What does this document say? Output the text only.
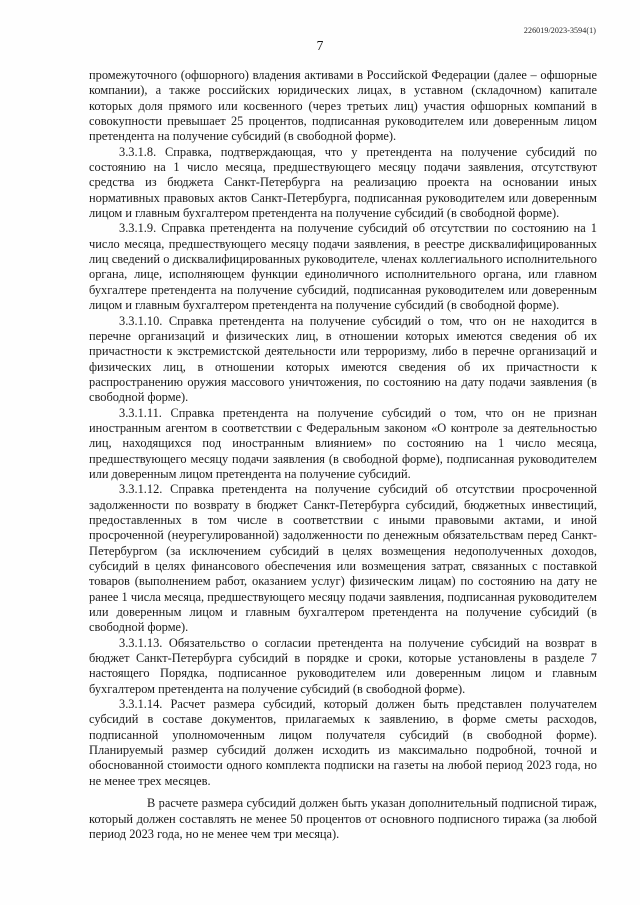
226019/2023-3594(1)
7

промежуточного (офшорного) владения активами в Российской Федерации (далее – офшорные компании), а также российских юридических лицах, в уставном (складочном) капитале которых доля прямого или косвенного (через третьих лиц) участия офшорных компаний в совокупности превышает 25 процентов, подписанная руководителем или доверенным лицом претендента на получение субсидий (в свободной форме).

3.3.1.8. Справка, подтверждающая, что у претендента на получение субсидий по состоянию на 1 число месяца, предшествующего месяцу подачи заявления, отсутствуют средства из бюджета Санкт-Петербурга на реализацию проекта на основании иных нормативных правовых актов Санкт-Петербурга, подписанная руководителем или доверенным лицом и главным бухгалтером претендента на получение субсидий (в свободной форме).

3.3.1.9. Справка претендента на получение субсидий об отсутствии по состоянию на 1 число месяца, предшествующего месяцу подачи заявления, в реестре дисквалифицированных лиц сведений о дисквалифицированных руководителе, членах коллегиального исполнительного органа, лице, исполняющем функции единоличного исполнительного органа, или главном бухгалтере претендента на получение субсидий, подписанная руководителем или доверенным лицом и главным бухгалтером претендента на получение субсидий (в свободной форме).

3.3.1.10. Справка претендента на получение субсидий о том, что он не находится в перечне организаций и физических лиц, в отношении которых имеются сведения об их причастности к экстремистской деятельности или терроризму, либо в перечне организаций и физических лиц, в отношении которых имеются сведения об их причастности к распространению оружия массового уничтожения, по состоянию на дату подачи заявления (в свободной форме).

3.3.1.11. Справка претендента на получение субсидий о том, что он не признан иностранным агентом в соответствии с Федеральным законом «О контроле за деятельностью лиц, находящихся под иностранным влиянием» по состоянию на 1 число месяца, предшествующего месяцу подачи заявления (в свободной форме), подписанная руководителем или доверенным лицом претендента на получение субсидий.

3.3.1.12. Справка претендента на получение субсидий об отсутствии просроченной задолженности по возврату в бюджет Санкт-Петербурга субсидий, бюджетных инвестиций, предоставленных в том числе в соответствии с иными правовыми актами, и иной просроченной (неурегулированной) задолженности по денежным обязательствам перед Санкт-Петербургом (за исключением субсидий в целях возмещения недополученных доходов, субсидий в целях финансового обеспечения или возмещения затрат, связанных с поставкой товаров (выполнением работ, оказанием услуг) физическим лицам) по состоянию на дату не ранее 1 числа месяца, предшествующего месяцу подачи заявления, подписанная руководителем или доверенным лицом и главным бухгалтером претендента на получение субсидий (в свободной форме).

3.3.1.13. Обязательство о согласии претендента на получение субсидий на возврат в бюджет Санкт-Петербурга субсидий в порядке и сроки, которые установлены в разделе 7 настоящего Порядка, подписанное руководителем или доверенным лицом и главным бухгалтером претендента на получение субсидий (в свободной форме).

3.3.1.14. Расчет размера субсидий, который должен быть представлен получателем субсидий в составе документов, прилагаемых к заявлению, в форме сметы расходов, подписанной уполномоченным лицом получателя субсидий (в свободной форме). Планируемый размер субсидий должен исходить из максимально подробной, точной и обоснованной стоимости одного комплекта подписки на газеты на любой период 2023 года, но не менее трех месяцев.

В расчете размера субсидий должен быть указан дополнительный подписной тираж, который должен составлять не менее 50 процентов от основного подписного тиража (за любой период 2023 года, но не менее чем три месяца).
